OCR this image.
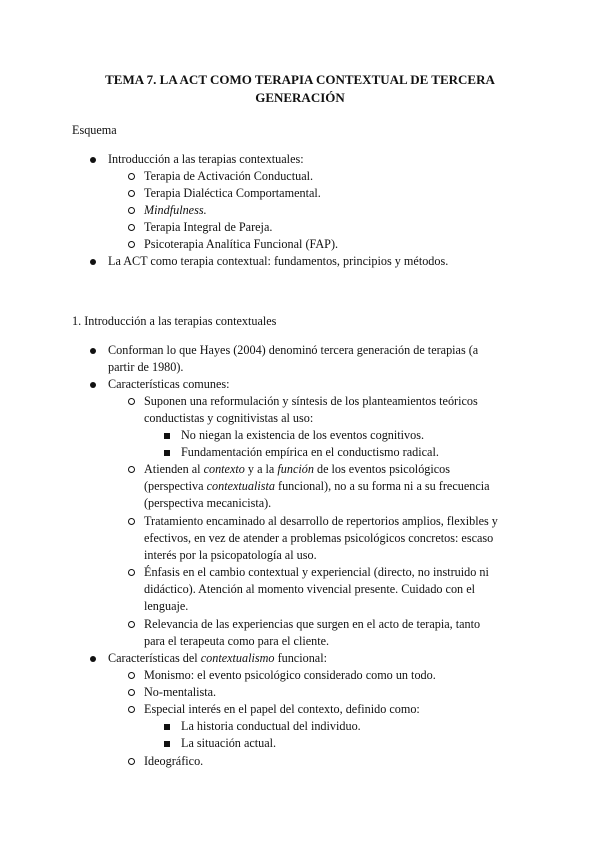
TEMA 7. LA ACT COMO TERAPIA CONTEXTUAL DE TERCERA
GENERACIÓN
Esquema
Introducción a las terapias contextuales:
Terapia de Activación Conductual.
Terapia Dialéctica Comportamental.
Mindfulness.
Terapia Integral de Pareja.
Psicoterapia Analítica Funcional (FAP).
La ACT como terapia contextual: fundamentos, principios y métodos.
1. Introducción a las terapias contextuales
Conforman lo que Hayes (2004) denominó tercera generación de terapias (a
partir de 1980).
Características comunes:
Suponen una reformulación y síntesis de los planteamientos teóricos
conductistas y cognitivistas al uso:
No niegan la existencia de los eventos cognitivos.
Fundamentación empírica en el conductismo radical.
Atienden al contexto y a la función de los eventos psicológicos
(perspectiva contextualista funcional), no a su forma ni a su frecuencia
(perspectiva mecanicista).
Tratamiento encaminado al desarrollo de repertorios amplios, flexibles y
efectivos, en vez de atender a problemas psicológicos concretos: escaso
interés por la psicopatología al uso.
Énfasis en el cambio contextual y experiencial (directo, no instruido ni
didáctico). Atención al momento vivencial presente. Cuidado con el
lenguaje.
Relevancia de las experiencias que surgen en el acto de terapia, tanto
para el terapeuta como para el cliente.
Características del contextualismo funcional:
Monismo: el evento psicológico considerado como un todo.
No-mentalista.
Especial interés en el papel del contexto, definido como:
La historia conductual del individuo.
La situación actual.
Ideográfico.
